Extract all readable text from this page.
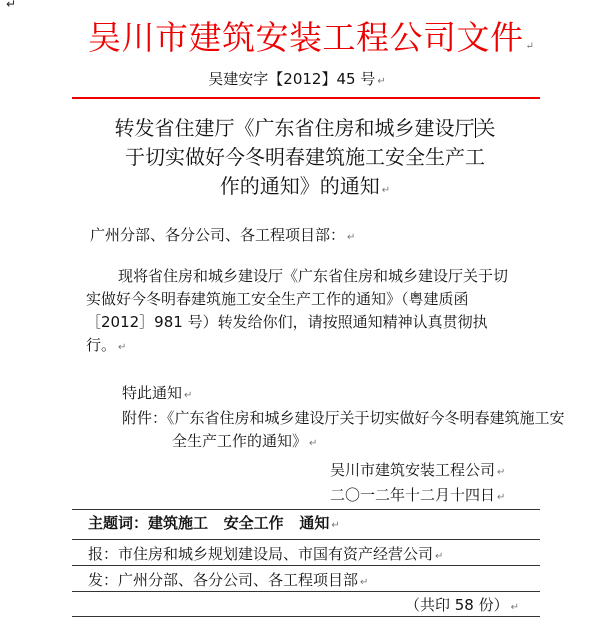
↵
吴川市建筑安装工程公司文件 ↵
吴建安字【2012】45 号 ↵
转发省住建厅《广东省住房和城乡建设厅关
于切实做好今冬明春建筑施工安全生产工
作的通知》的通知 ↵
广州分部、各分公司、各工程项目部： ↵
现将省住房和城乡建设厅《广东省住房和城乡建设厅关于切实做好今冬明春建筑施工安全生产工作的通知》（粤建质函［2012］981 号）转发给你们，请按照通知精神认真贯彻执行。 ↵
特此通知 ↵
附件：《广东省住房和城乡建设厅关于切实做好今冬明春建筑施工安全生产工作的通知》 ↵
吴川市建筑安装工程公司 ↵
二〇一二年十二月十四日 ↵
主题词：建筑施工   安全工作   通知 ↵
报：市住房和城乡规划建设局、市国有资产经营公司 ↵
发：广州分部、各分公司、各工程项目部 ↵
（共印 58 份） ↵
